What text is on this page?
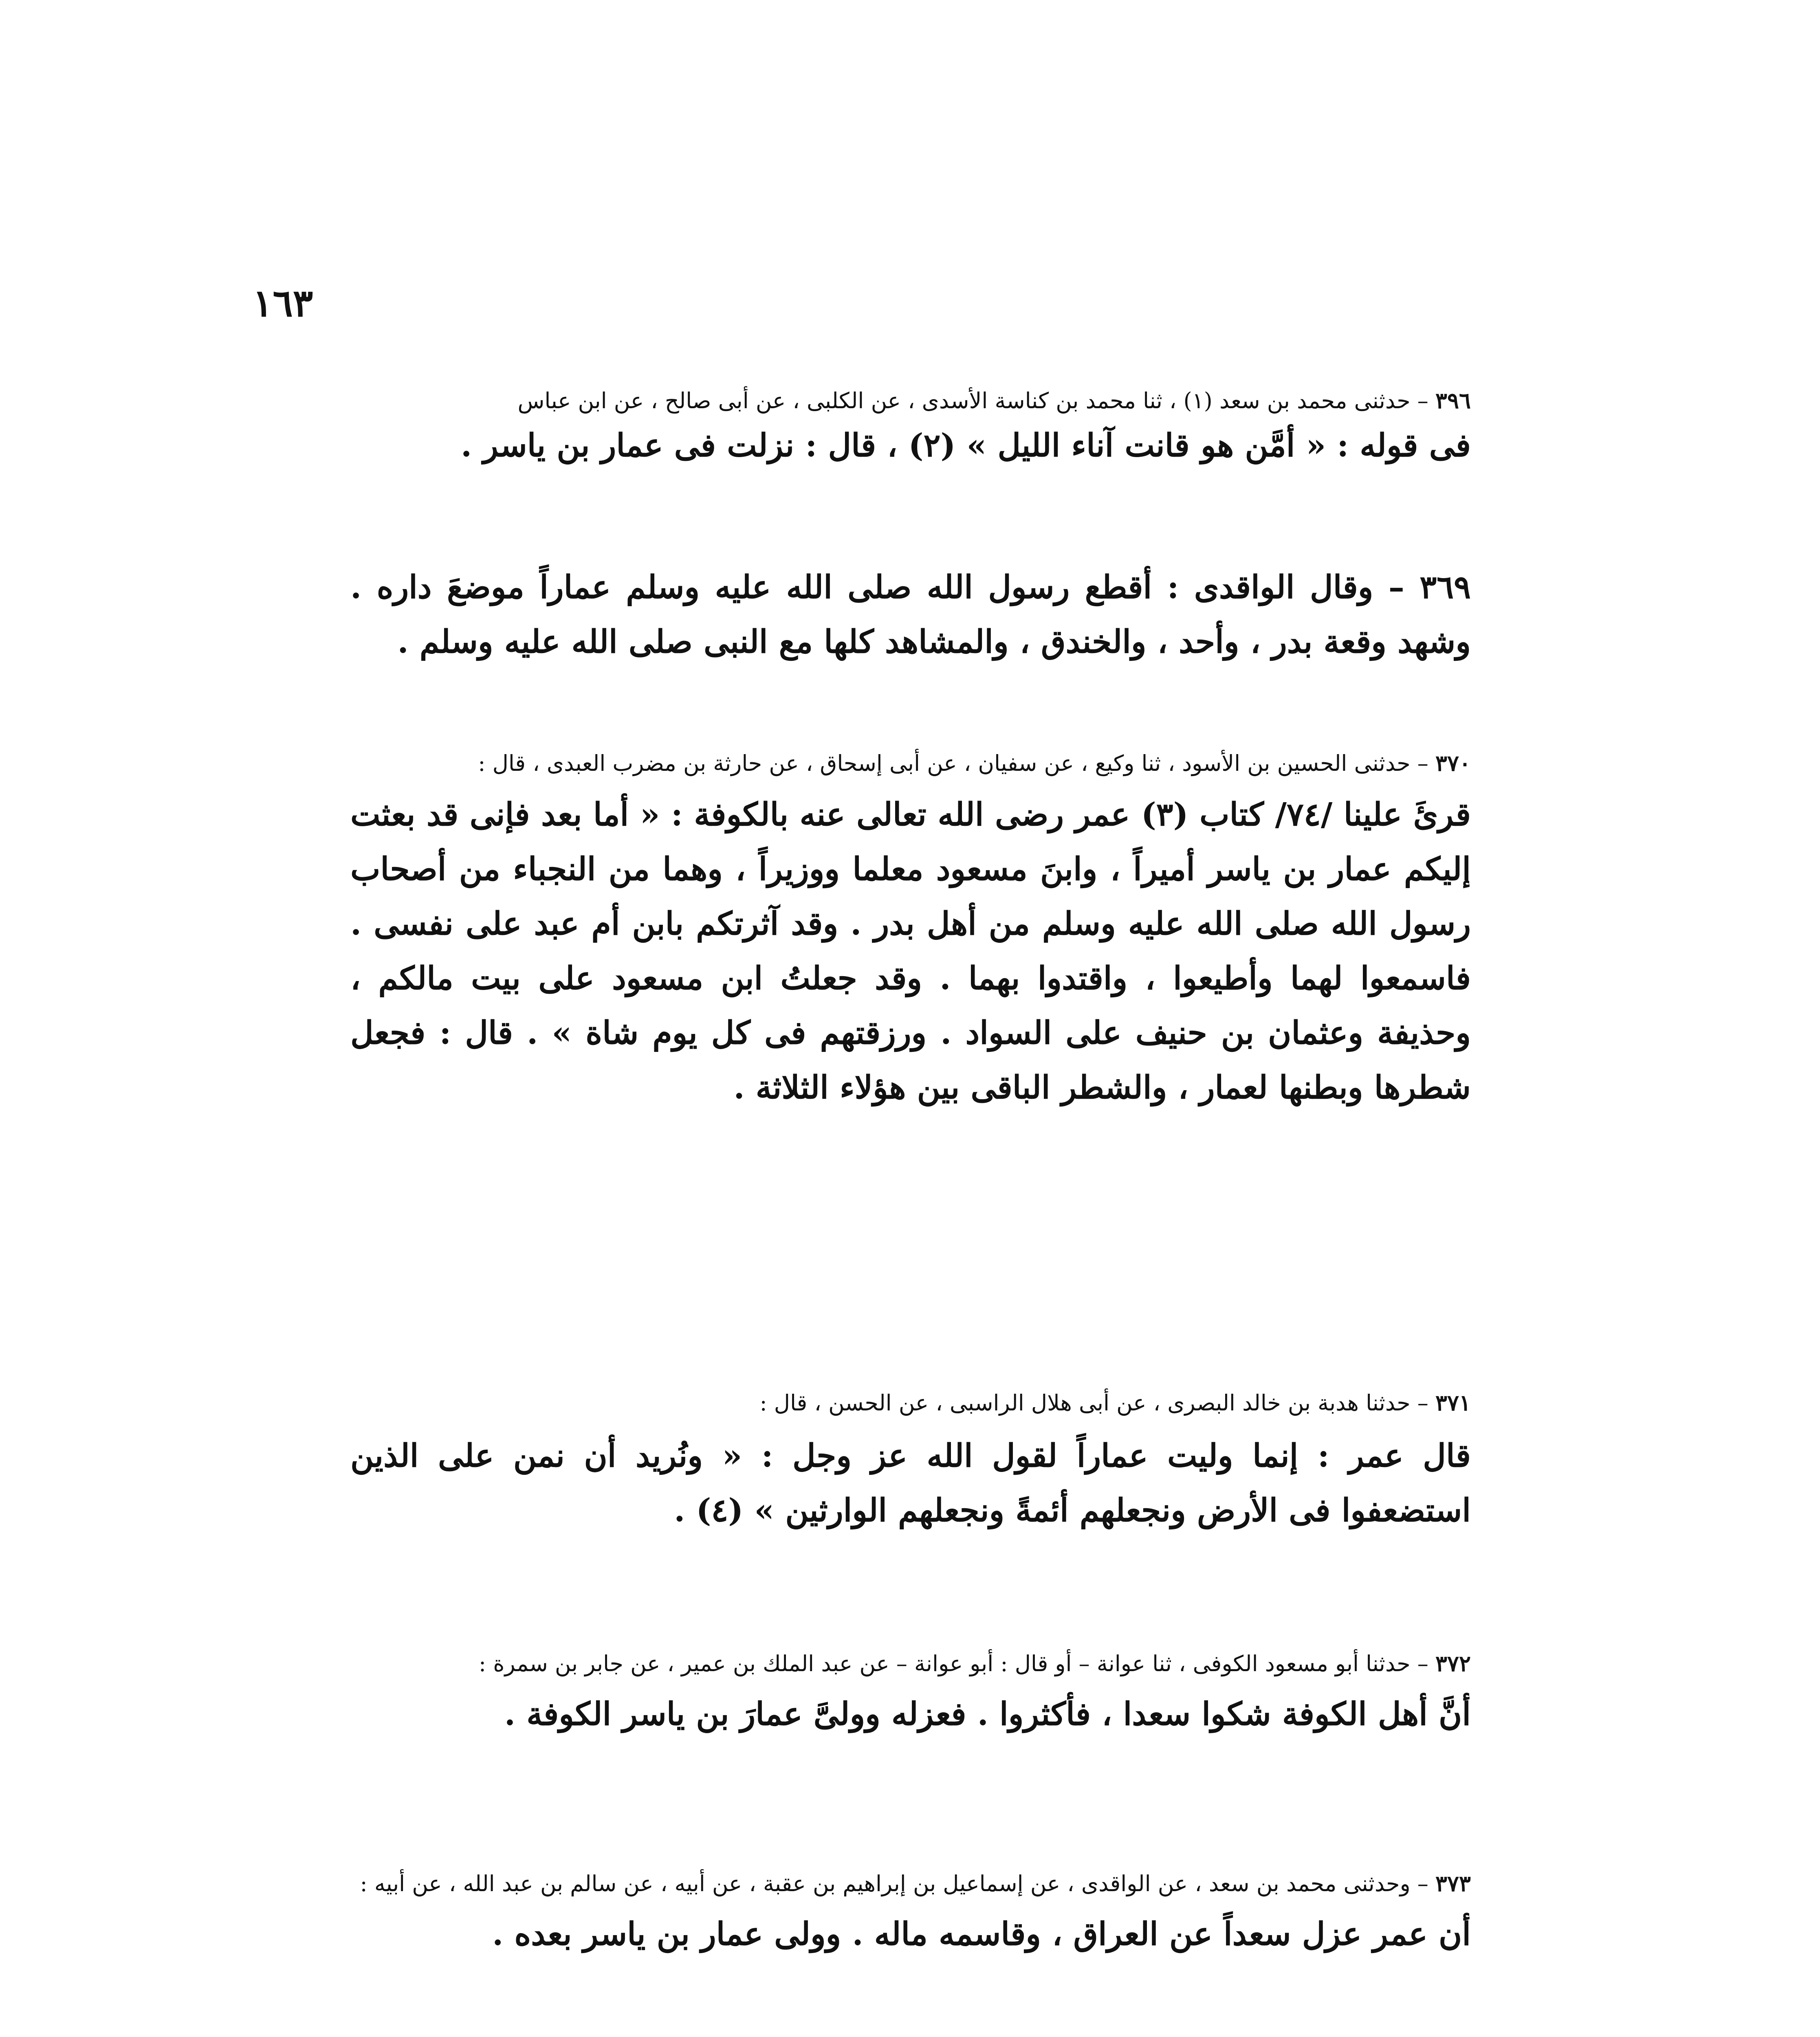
١٦٣
٣٩٦ – حدثنى محمد بن سعد (١) ، ثنا محمد بن كناسة الأسدى ، عن الكلبى ، عن أبى صالح ، عن ابن عباس
فى قوله : « أمَّن هو قانت آناء الليل » (٢) ، قال : نزلت فى عمار بن ياسر .
٣٦٩ – وقال الواقدى : أقطع رسول الله صلى الله عليه وسلم عماراً موضعَ داره . وشهد وقعة بدر ، وأحد ، والخندق ، والمشاهد كلها مع النبى صلى الله عليه وسلم .
٣٧٠ – حدثنى الحسين بن الأسود ، ثنا وكيع ، عن سفيان ، عن أبى إسحاق ، عن حارثة بن مضرب العبدى ، قال :
قرئَ علينا /٧٤/ كتاب (٣) عمر رضى الله تعالى عنه بالكوفة : « أما بعد فإنى قد بعثت إليكم عمار بن ياسر أميراً ، وابنَ مسعود معلما ووزيراً ، وهما من النجباء من أصحاب رسول الله صلى الله عليه وسلم من أهل بدر . وقد آثرتكم بابن أم عبد على نفسى . فاسمعوا لهما وأطيعوا ، واقتدوا بهما . وقد جعلتُ ابن مسعود على بيت مالكم ، وحذيفة وعثمان بن حنيف على السواد . ورزقتهم فى كل يوم شاة » . قال : فجعل شطرها وبطنها لعمار ، والشطر الباقى بين هؤلاء الثلاثة .
٣٧١ – حدثنا هدبة بن خالد البصرى ، عن أبى هلال الراسبى ، عن الحسن ، قال :
قال عمر : إنما وليت عماراً لقول الله عز وجل : « ونُريد أن نمن على الذين استضعفوا فى الأرض ونجعلهم أئمةً ونجعلهم الوارثين » (٤) .
٣٧٢ – حدثنا أبو مسعود الكوفى ، ثنا عوانة – أو قال : أبو عوانة – عن عبد الملك بن عمير ، عن جابر بن سمرة :
أنَّ أهل الكوفة شكوا سعدا ، فأكثروا . فعزله وولىَّ عمارَ بن ياسر الكوفة .
٣٧٣ – وحدثنى محمد بن سعد ، عن الواقدى ، عن إسماعيل بن إبراهيم بن عقبة ، عن أبيه ، عن سالم بن عبد الله ، عن أبيه :
أن عمر عزل سعداً عن العراق ، وقاسمه ماله . وولى عمار بن ياسر بعده .
